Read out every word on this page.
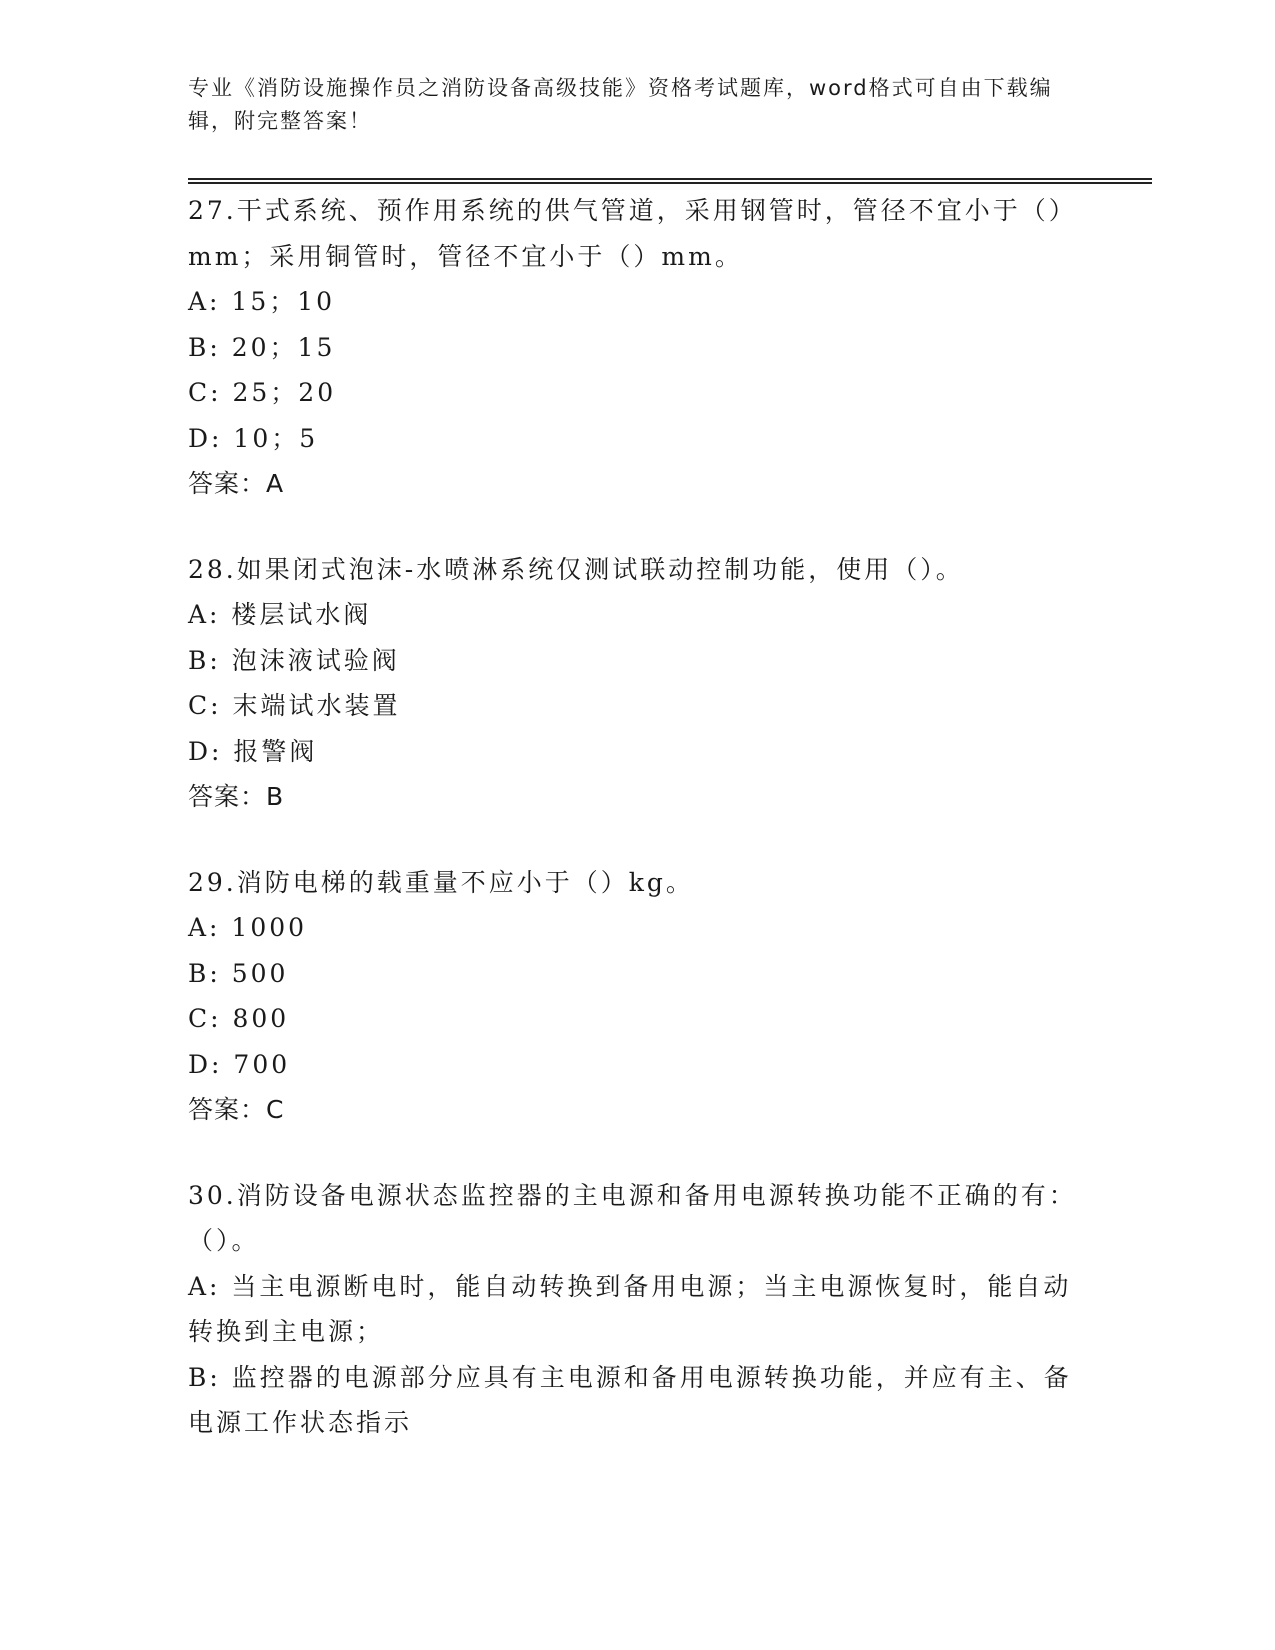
专业《消防设施操作员之消防设备高级技能》资格考试题库，word格式可自由下载编辑，附完整答案！

27.干式系统、预作用系统的供气管道，采用钢管时，管径不宜小于（）mm；采用铜管时，管径不宜小于（）mm。

A: 15；10

B: 20；15

C: 25；20

D: 10；5

答案：A

28.如果闭式泡沫-水喷淋系统仅测试联动控制功能，使用（）。

A: 楼层试水阀

B: 泡沫液试验阀

C: 末端试水装置

D: 报警阀

答案：B

29.消防电梯的载重量不应小于（）kg。

A: 1000

B: 500

C: 800

D: 700

答案：C

30.消防设备电源状态监控器的主电源和备用电源转换功能不正确的有：（）。

A: 当主电源断电时，能自动转换到备用电源；当主电源恢复时，能自动转换到主电源；

B: 监控器的电源部分应具有主电源和备用电源转换功能，并应有主、备电源工作状态指示
